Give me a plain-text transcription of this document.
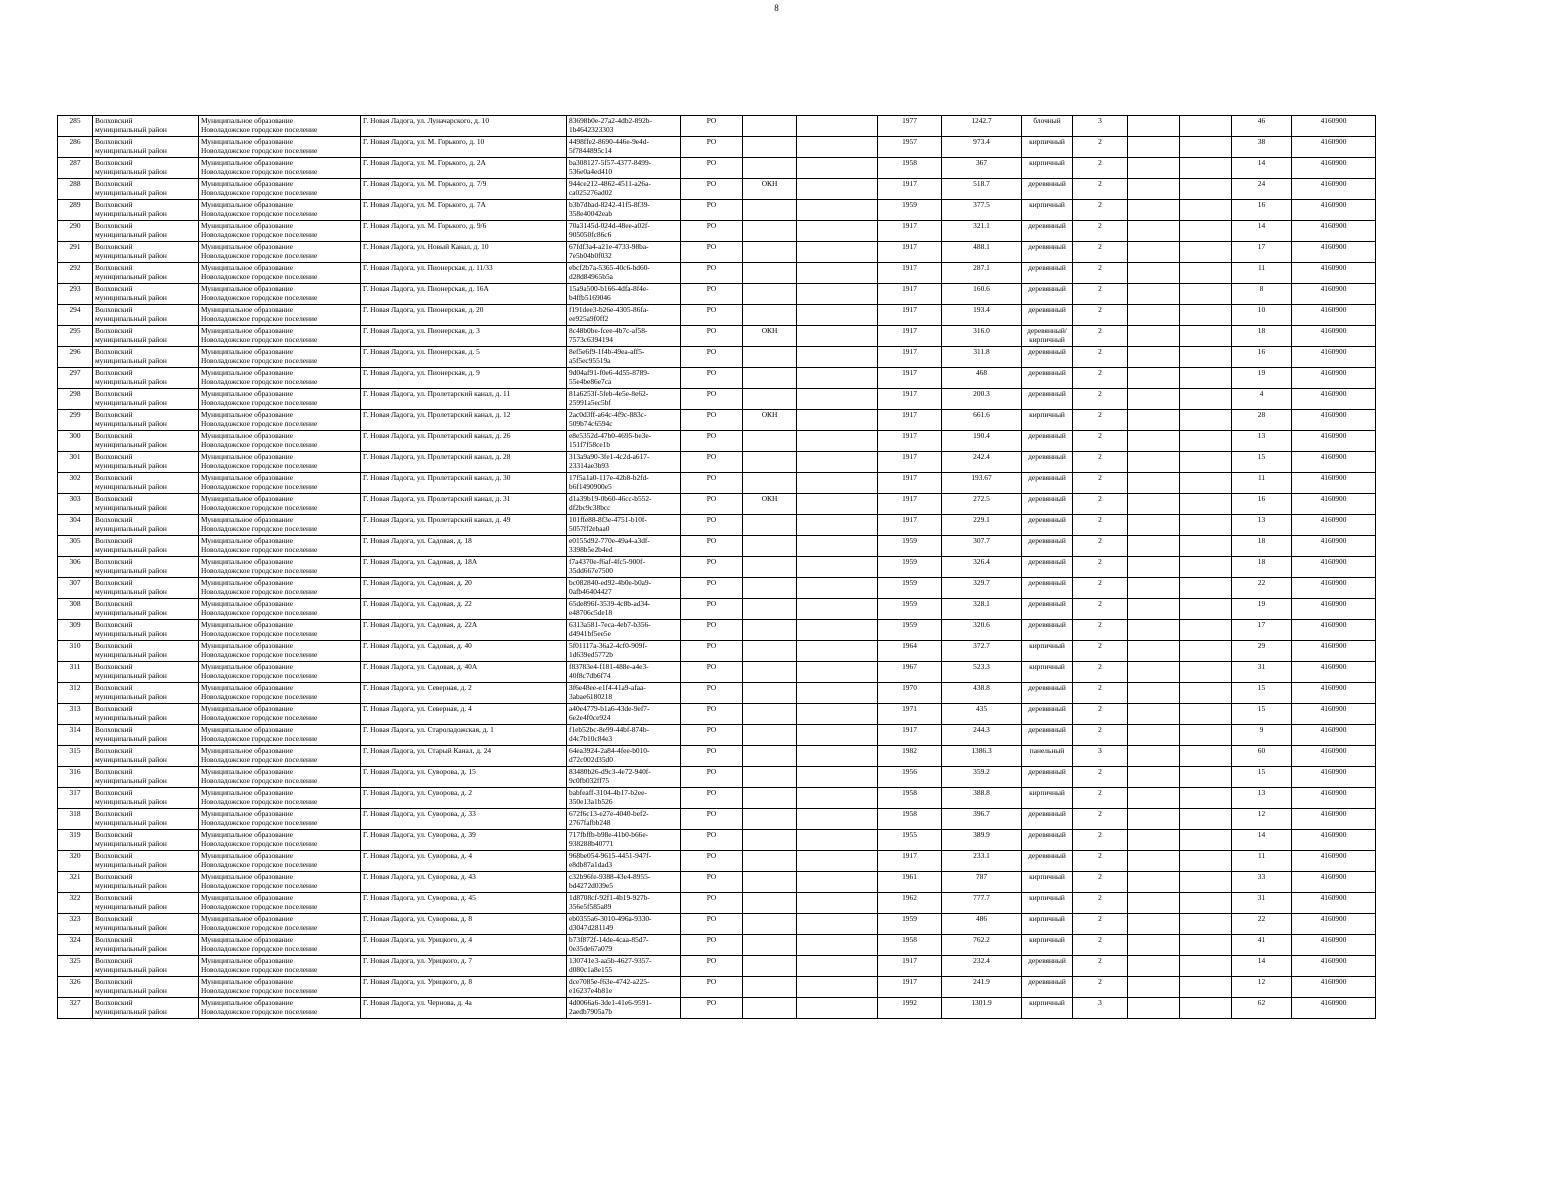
8
285	Волховский
муниципальный район	Муниципальное образование
Новоладожское городское поселение	Г. Новая Ладога, ул. Луначарского, д. 10	83698b0e-27a2-4db2-892b-
1b4642323303	РО			1977	1242.7	блочный	3			46	4160900
286	Волховский
муниципальный район	Муниципальное образование
Новоладожское городское поселение	Г. Новая Ладога, ул. М. Горького, д. 10	4498ffe2-8690-446e-9e4d-
5f7844895c14	РО			1957	973.4	кирпичный	2			38	4160900
287	Волховский
муниципальный район	Муниципальное образование
Новоладожское городское поселение	Г. Новая Ладога, ул. М. Горького, д. 2А	ba308127-5f57-4377-8499-
536e0a4ed410	РО			1958	367	кирпичный	2			14	4160900
288	Волховский
муниципальный район	Муниципальное образование
Новоладожское городское поселение	Г. Новая Ладога, ул. М. Горького, д. 7/9	944ce212-4862-4511-a26a-
ca025276ad02	РО	ОКН		1917	518.7	деревянный	2			24	4160900
289	Волховский
муниципальный район	Муниципальное образование
Новоладожское городское поселение	Г. Новая Ладога, ул. М. Горького, д. 7А	b3b7dbad-8242-41f5-8f39-
358e40042eab	РО			1959	377.5	кирпичный	2			16	4160900
290	Волховский
муниципальный район	Муниципальное образование
Новоладожское городское поселение	Г. Новая Ладога, ул. М. Горького, д. 9/6	70a3145d-024d-48ee-a02f-
905050fc86c6	РО			1917	321.1	деревянный	2			14	4160900
291	Волховский
муниципальный район	Муниципальное образование
Новоладожское городское поселение	Г. Новая Ладога, ул. Новый Канал, д. 10	67fdf3a4-a21e-4733-98ba-
7e5b04b0f032	РО			1917	488.1	деревянный	2			17	4160900
292	Волховский
муниципальный район	Муниципальное образование
Новоладожское городское поселение	Г. Новая Ладога, ул. Пионерская, д. 11/33	ebcf2b7a-5365-40c6-bd60-
d28d84965b5a	РО			1917	287.1	деревянный	2			11	4160900
293	Волховский
муниципальный район	Муниципальное образование
Новоладожское городское поселение	Г. Новая Ладога, ул. Пионерская, д. 16А	15a9a500-b166-4dfa-8f4e-
b4ffb5169046	РО			1917	160.6	деревянный	2			8	4160900
294	Волховский
муниципальный район	Муниципальное образование
Новоладожское городское поселение	Г. Новая Ладога, ул. Пионерская, д. 20	f191dee3-b26e-4305-86fa-
ee925a9f0ff2	РО			1917	193.4	деревянный	2			10	4160900
295	Волховский
муниципальный район	Муниципальное образование
Новоладожское городское поселение	Г. Новая Ладога, ул. Пионерская, д. 3	8c48b0be-fcee-4b7c-af58-
7573c6394194	РО	ОКН		1917	316.0	деревянный/
кирпичный	2			18	4160900
296	Волховский
муниципальный район	Муниципальное образование
Новоладожское городское поселение	Г. Новая Ладога, ул. Пионерская, д. 5	8ef5e6f9-1f4b-49ea-aff5-
a5f5ec95519a	РО			1917	311.8	деревянный	2			16	4160900
297	Волховский
муниципальный район	Муниципальное образование
Новоладожское городское поселение	Г. Новая Ладога, ул. Пионерская, д. 9	9d04af91-f0e6-4d55-8789-
55e4be86e7ca	РО			1917	468	деревянный	2			19	4160900
298	Волховский
муниципальный район	Муниципальное образование
Новоладожское городское поселение	Г. Новая Ладога, ул. Пролетарский канал, д. 11	81a6253f-5feb-4e5e-8e62-
25991a5ec5bf	РО			1917	200.3	деревянный	2			4	4160900
299	Волховский
муниципальный район	Муниципальное образование
Новоладожское городское поселение	Г. Новая Ладога, ул. Пролетарский канал, д. 12	2ac0d3ff-a64c-4f9c-883c-
509b74c6594c	РО	ОКН		1917	661.6	кирпичный	2			28	4160900
300	Волховский
муниципальный район	Муниципальное образование
Новоладожское городское поселение	Г. Новая Ладога, ул. Пролетарский канал, д. 26	e8e5352d-47b0-4695-be3e-
151f7f58ce1b	РО			1917	190.4	деревянный	2			13	4160900
301	Волховский
муниципальный район	Муниципальное образование
Новоладожское городское поселение	Г. Новая Ладога, ул. Пролетарский канал, д. 28	313a9a90-3fe1-4c2d-a617-
23314ae3b93	РО			1917	242.4	деревянный	2			15	4160900
302	Волховский
муниципальный район	Муниципальное образование
Новоладожское городское поселение	Г. Новая Ладога, ул. Пролетарский канал, д. 30	17f5a1a0-117e-42b8-b2fd-
b6f1490900e5	РО			1917	193.67	деревянный	2			11	4160900
303	Волховский
муниципальный район	Муниципальное образование
Новоладожское городское поселение	Г. Новая Ладога, ул. Пролетарский канал, д. 31	d1a39b19-0b60-46cc-b552-
df2bc9c38bcc	РО	ОКН		1917	272.5	деревянный	2			16	4160900
304	Волховский
муниципальный район	Муниципальное образование
Новоладожское городское поселение	Г. Новая Ладога, ул. Пролетарский канал, д. 49	101ffe88-8f3e-4751-b10f-
5057ff2ebaa0	РО			1917	229.1	деревянный	2			13	4160900
305	Волховский
муниципальный район	Муниципальное образование
Новоладожское городское поселение	Г. Новая Ладога, ул. Садовая, д. 18	e0155d92-770e-49a4-a3df-
3398b5e2b4ed	РО			1959	307.7	деревянный	2			18	4160900
306	Волховский
муниципальный район	Муниципальное образование
Новоладожское городское поселение	Г. Новая Ладога, ул. Садовая, д. 18А	f7a4370e-f6af-4fc5-900f-
35dd667e7500	РО			1959	326.4	деревянный	2			18	4160900
307	Волховский
муниципальный район	Муниципальное образование
Новоладожское городское поселение	Г. Новая Ладога, ул. Садовая, д. 20	bc082840-ed92-4b0e-b0a9-
0afb46404427	РО			1959	329.7	деревянный	2			22	4160900
308	Волховский
муниципальный район	Муниципальное образование
Новоладожское городское поселение	Г. Новая Ладога, ул. Садовая, д. 22	65de896f-3539-4c8b-ad34-
e48706c5de18	РО			1959	328.1	деревянный	2			19	4160900
309	Волховский
муниципальный район	Муниципальное образование
Новоладожское городское поселение	Г. Новая Ладога, ул. Садовая, д. 22А	6313a581-7eca-4eb7-b356-
d4941bf5ee5e	РО			1959	320.6	деревянный	2			17	4160900
310	Волховский
муниципальный район	Муниципальное образование
Новоладожское городское поселение	Г. Новая Ладога, ул. Садовая, д. 40	5f01117a-36a2-4cf0-909f-
1d639ed5772b	РО			1964	372.7	кирпичный	2			29	4160900
311	Волховский
муниципальный район	Муниципальное образование
Новоладожское городское поселение	Г. Новая Ладога, ул. Садовая, д. 40А	f83783e4-f181-488e-a4e3-
40f8c7db6f74	РО			1967	523.3	кирпичный	2			31	4160900
312	Волховский
муниципальный район	Муниципальное образование
Новоладожское городское поселение	Г. Новая Ладога, ул. Северная, д. 2	3f6e48ee-e1f4-41a9-afaa-
3abae6180218	РО			1970	438.8	деревянный	2			15	4160900
313	Волховский
муниципальный район	Муниципальное образование
Новоладожское городское поселение	Г. Новая Ладога, ул. Северная, д. 4	a40e4779-b1a6-43de-9ef7-
6e2e4f0ce924	РО			1971	435	деревянный	2			15	4160900
314	Волховский
муниципальный район	Муниципальное образование
Новоладожское городское поселение	Г. Новая Ладога, ул. Староладожская, д. 1	f1eb52bc-8e99-44bf-874b-
d4c7b10c84e3	РО			1917	244.3	деревянный	2			9	4160900
315	Волховский
муниципальный район	Муниципальное образование
Новоладожское городское поселение	Г. Новая Ладога, ул. Старый Канал, д. 24	64ea3924-2a84-4fee-b010-
d72c002d35d0	РО			1982	1386.3	панельный	3			60	4160900
316	Волховский
муниципальный район	Муниципальное образование
Новоладожское городское поселение	Г. Новая Ладога, ул. Суворова, д. 15	83480b26-d9c3-4e72-940f-
9c0fb032ff75	РО			1956	359.2	деревянный	2			15	4160900
317	Волховский
муниципальный район	Муниципальное образование
Новоладожское городское поселение	Г. Новая Ладога, ул. Суворова, д. 2	babfeaff-3104-4b17-b2ee-
350e13a1b526	РО			1958	388.8	кирпичный	2			13	4160900
318	Волховский
муниципальный район	Муниципальное образование
Новоладожское городское поселение	Г. Новая Ладога, ул. Суворова, д. 33	672f6c13-e27e-4040-bef2-
2767fafbb248	РО			1958	396.7	деревянный	2			12	4160900
319	Волховский
муниципальный район	Муниципальное образование
Новоладожское городское поселение	Г. Новая Ладога, ул. Суворова, д. 39	717fbffb-b98e-41b0-b66e-
938288b40771	РО			1955	389.9	деревянный	2			14	4160900
320	Волховский
муниципальный район	Муниципальное образование
Новоладожское городское поселение	Г. Новая Ладога, ул. Суворова, д. 4	968be054-9615-4451-947f-
e8db87a1dad3	РО			1917	233.1	деревянный	2			11	4160900
321	Волховский
муниципальный район	Муниципальное образование
Новоладожское городское поселение	Г. Новая Ладога, ул. Суворова, д. 43	c32b96fe-9388-43e4-8955-
bd4272d039e5	РО			1961	787	кирпичный	2			33	4160900
322	Волховский
муниципальный район	Муниципальное образование
Новоладожское городское поселение	Г. Новая Ладога, ул. Суворова, д. 45	1d8708cf-92f1-4b19-927b-
356e5f585a89	РО			1962	777.7	кирпичный	2			31	4160900
323	Волховский
муниципальный район	Муниципальное образование
Новоладожское городское поселение	Г. Новая Ладога, ул. Суворова, д. 8	eb0355a6-3010-496a-9330-
d3047d281149	РО			1959	486	кирпичный	2			22	4160900
324	Волховский
муниципальный район	Муниципальное образование
Новоладожское городское поселение	Г. Новая Ладога, ул. Урицкого, д. 4	b73f872f-14de-4caa-85d7-
0e35de67a079	РО			1958	762.2	кирпичный	2			41	4160900
325	Волховский
муниципальный район	Муниципальное образование
Новоладожское городское поселение	Г. Новая Ладога, ул. Урицкого, д. 7	130741e3-aa5b-4627-9357-
d080c1a8e155	РО			1917	232.4	деревянный	2			14	4160900
326	Волховский
муниципальный район	Муниципальное образование
Новоладожское городское поселение	Г. Новая Ладога, ул. Урицкого, д. 8	dce7085e-f63e-4742-a225-
e16237e4b81e	РО			1917	241.9	деревянный	2			12	4160900
327	Волховский
муниципальный район	Муниципальное образование
Новоладожское городское поселение	Г. Новая Ладога, ул. Чернова, д. 4а	4d0066a6-3de1-41e6-9591-
2aedb7905a7b	РО			1992	1301.9	кирпичный	3			62	4160900
